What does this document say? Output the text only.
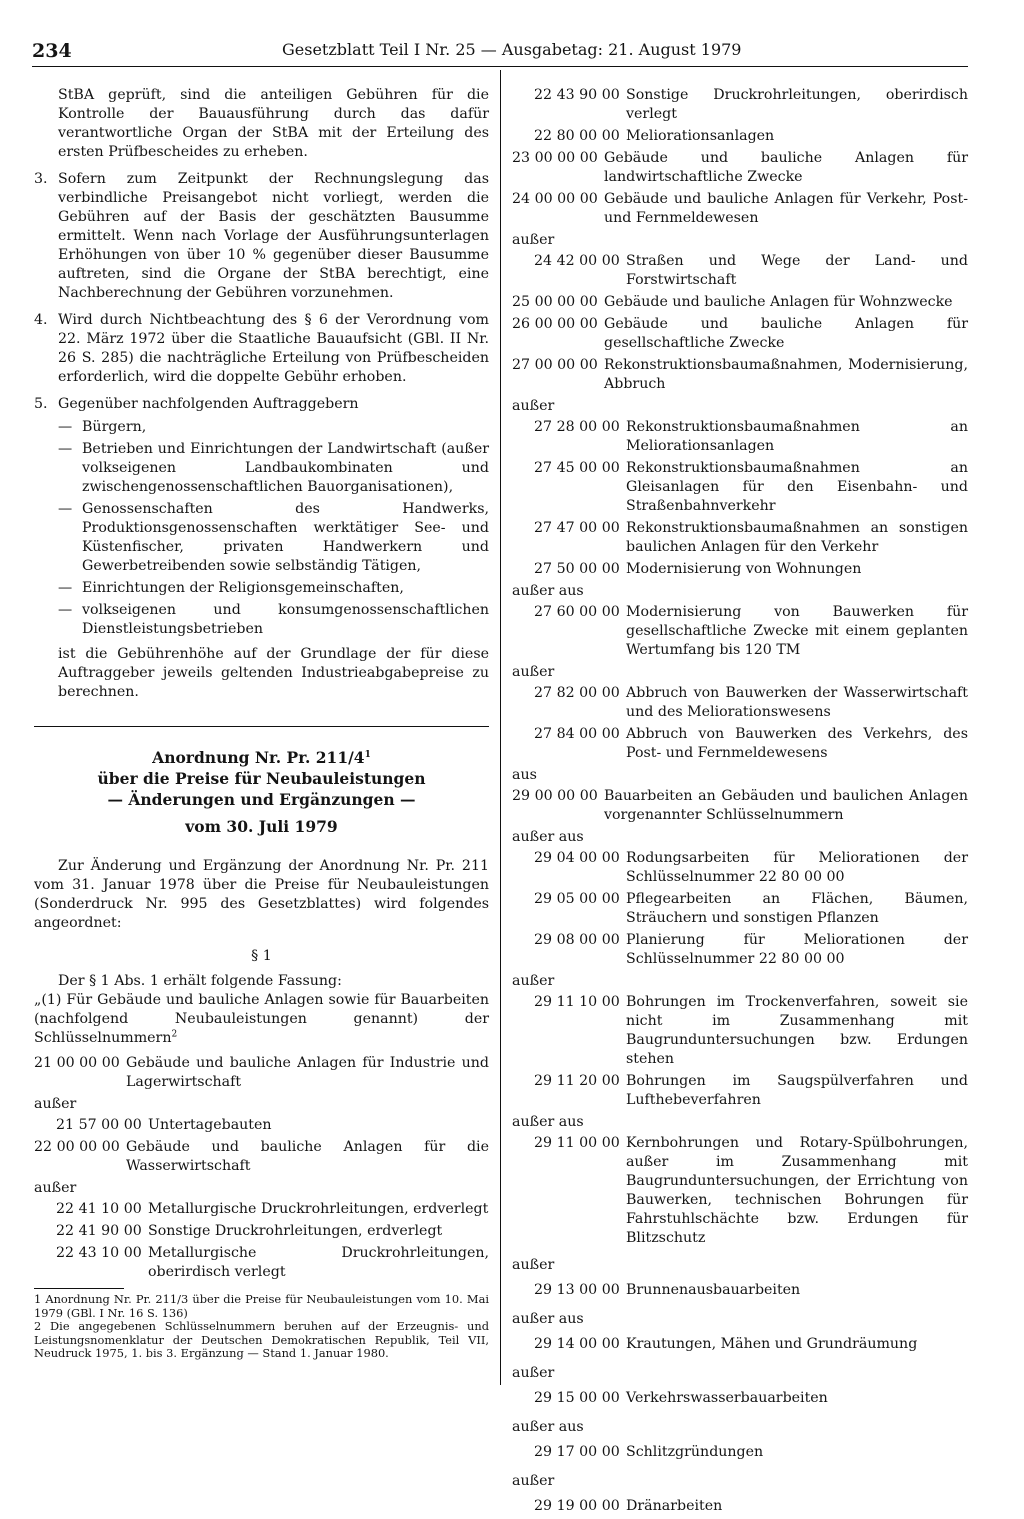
234	Gesetzblatt Teil I Nr. 25 — Ausgabetag: 21. August 1979

StBA geprüft, sind die anteiligen Gebühren für die Kontrolle der Bauausführung durch das dafür verantwortliche Organ der StBA mit der Erteilung des ersten Prüfbescheides zu erheben.

3. Sofern zum Zeitpunkt der Rechnungslegung das verbindliche Preisangebot nicht vorliegt, werden die Gebühren auf der Basis der geschätzten Bausumme ermittelt. Wenn nach Vorlage der Ausführungsunterlagen Erhöhungen von über 10 % gegenüber dieser Bausumme auftreten, sind die Organe der StBA berechtigt, eine Nachberechnung der Gebühren vorzunehmen.

4. Wird durch Nichtbeachtung des § 6 der Verordnung vom 22. März 1972 über die Staatliche Bauaufsicht (GBl. II Nr. 26 S. 285) die nachträgliche Erteilung von Prüfbescheiden erforderlich, wird die doppelte Gebühr erhoben.

5. Gegenüber nachfolgenden Auftraggebern

— Bürgern,

— Betrieben und Einrichtungen der Landwirtschaft (außer volkseigenen Landbaukombinaten und zwischengenossenschaftlichen Bauorganisationen),

— Genossenschaften des Handwerks, Produktionsgenossenschaften werktätiger See- und Küstenfischer, privaten Handwerkern und Gewerbetreibenden sowie selbständig Tätigen,

— Einrichtungen der Religionsgemeinschaften,

— volkseigenen und konsumgenossenschaftlichen Dienstleistungsbetrieben

ist die Gebührenhöhe auf der Grundlage der für diese Auftraggeber jeweils geltenden Industrieabgabepreise zu berechnen.

Anordnung Nr. Pr. $211/4^1$

über die Preise für Neubauleistungen

— Änderungen und Ergänzungen —

vom 30. Juli 1979

Zur Änderung und Ergänzung der Anordnung Nr. Pr. 211 vom 31. Januar 1978 über die Preise für Neubauleistungen (Sonderdruck Nr. 995 des Gesetzblattes) wird folgendes angeordnet:

§ 1

Der § 1 Abs. 1 erhält folgende Fassung:

„(1) Für Gebäude und bauliche Anlagen sowie für Bauarbeiten (nachfolgend Neubauleistungen genannt) der Schlüsselnummern$^2$

21 00 00 00 Gebäude und bauliche Anlagen für Industrie und Lagerwirtschaft

außer

21 57 00 00 Untertagebauten

22 00 00 00 Gebäude und bauliche Anlagen für die Wasserwirtschaft

außer

22 41 10 00 Metallurgische Druckrohrleitungen, erdverlegt

22 41 90 00 Sonstige Druckrohrleitungen, erdverlegt

22 43 10 00 Metallurgische Druckrohrleitungen, oberirdisch verlegt

1 Anordnung Nr. Pr. 211/3 über die Preise für Neubauleistungen vom 10. Mai 1979 (GBl. I Nr. 16 S. 136)

2 Die angegebenen Schlüsselnummern beruhen auf der Erzeugnis- und Leistungsnomenklatur der Deutschen Demokratischen Republik, Teil VII, Neudruck 1975, 1. bis 3. Ergänzung — Stand 1. Januar 1980.

22 43 90 00 Sonstige Druckrohrleitungen, oberirdisch verlegt

22 80 00 00 Meliorationsanlagen

23 00 00 00 Gebäude und bauliche Anlagen für landwirtschaftliche Zwecke

24 00 00 00 Gebäude und bauliche Anlagen für Verkehr, Post- und Fernmeldewesen

außer

24 42 00 00 Straßen und Wege der Land- und Forstwirtschaft

25 00 00 00 Gebäude und bauliche Anlagen für Wohnzwecke

26 00 00 00 Gebäude und bauliche Anlagen für gesellschaftliche Zwecke

27 00 00 00 Rekonstruktionsbaumaßnahmen, Modernisierung, Abbruch

außer

27 28 00 00 Rekonstruktionsbaumaßnahmen an Meliorationsanlagen

27 45 00 00 Rekonstruktionsbaumaßnahmen an Gleisanlagen für den Eisenbahn- und Straßenbahnverkehr

27 47 00 00 Rekonstruktionsbaumaßnahmen an sonstigen baulichen Anlagen für den Verkehr

27 50 00 00 Modernisierung von Wohnungen

außer aus

27 60 00 00 Modernisierung von Bauwerken für gesellschaftliche Zwecke mit einem geplanten Wertumfang bis 120 TM

außer

27 82 00 00 Abbruch von Bauwerken der Wasserwirtschaft und des Meliorationswesens

27 84 00 00 Abbruch von Bauwerken des Verkehrs, des Post- und Fernmeldewesens

aus

29 00 00 00 Bauarbeiten an Gebäuden und baulichen Anlagen vorgenannter Schlüsselnummern

außer aus

29 04 00 00 Rodungsarbeiten für Meliorationen der Schlüsselnummer 22 80 00 00

29 05 00 00 Pflegearbeiten an Flächen, Bäumen, Sträuchern und sonstigen Pflanzen

29 08 00 00 Planierung für Meliorationen der Schlüsselnummer 22 80 00 00

außer

29 11 10 00 Bohrungen im Trockenverfahren, soweit sie nicht im Zusammenhang mit Baugrunduntersuchungen bzw. Erdungen stehen

29 11 20 00 Bohrungen im Saugspülverfahren und Lufthebeverfahren

außer aus

29 11 00 00 Kernbohrungen und Rotary-Spülbohrungen, außer im Zusammenhang mit Baugrunduntersuchungen, der Errichtung von Bauwerken, technischen Bohrungen für Fahrstuhlschächte bzw. Erdungen für Blitzschutz

außer

29 13 00 00 Brunnenausbauarbeiten

außer aus

29 14 00 00 Krautungen, Mähen und Grundräumung

außer

29 15 00 00 Verkehrswasserbauarbeiten

außer aus

29 17 00 00 Schlitzgründungen

außer

29 19 00 00 Dränarbeiten
